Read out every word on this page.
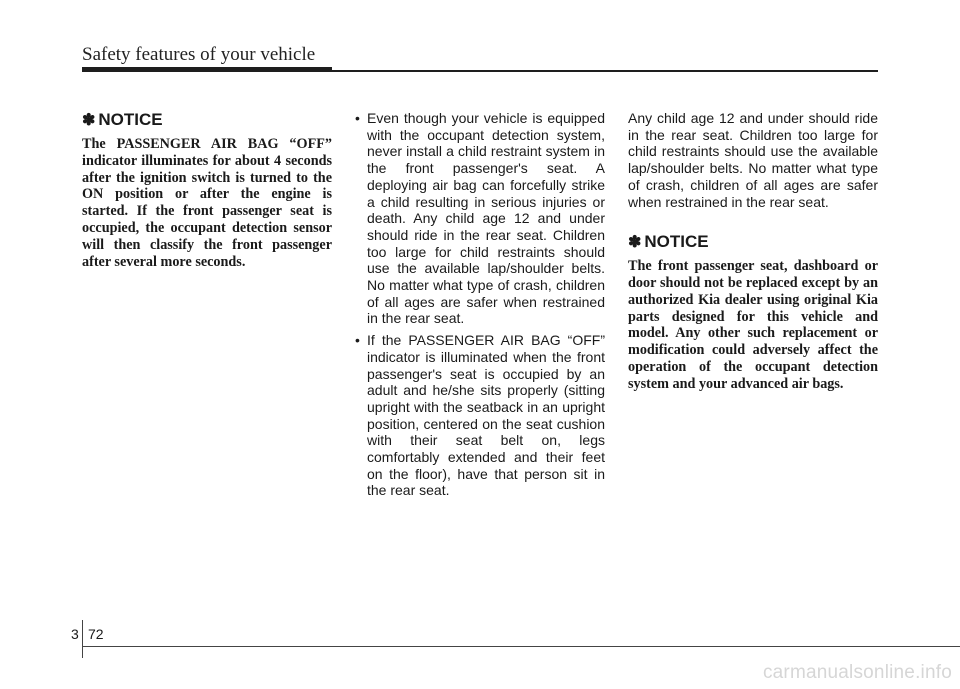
Safety features of your vehicle
✽ NOTICE

The PASSENGER AIR BAG “OFF” indicator illuminates for about 4 seconds after the ignition switch is turned to the ON position or after the engine is started. If the front passenger seat is occupied, the occupant detection sensor will then classify the front passenger after several more seconds.

• Even though your vehicle is equipped with the occupant detection system, never install a child restraint system in the front passenger's seat. A deploying air bag can forcefully strike a child resulting in serious injuries or death. Any child age 12 and under should ride in the rear seat. Children too large for child restraints should use the available lap/shoulder belts. No matter what type of crash, children of all ages are safer when restrained in the rear seat.
• If the PASSENGER AIR BAG “OFF” indicator is illuminated when the front passenger's seat is occupied by an adult and he/she sits properly (sitting upright with the seatback in an upright position, centered on the seat cushion with their seat belt on, legs comfortably extended and their feet on the floor), have that person sit in the rear seat.

Any child age 12 and under should ride in the rear seat. Children too large for child restraints should use the available lap/shoulder belts. No matter what type of crash, children of all ages are safer when restrained in the rear seat.

✽ NOTICE

The front passenger seat, dashboard or door should not be replaced except by an authorized Kia dealer using original Kia parts designed for this vehicle and model. Any other such replacement or modification could adversely affect the operation of the occupant detection system and your advanced air bags.

3 72
carmanualsonline.info
